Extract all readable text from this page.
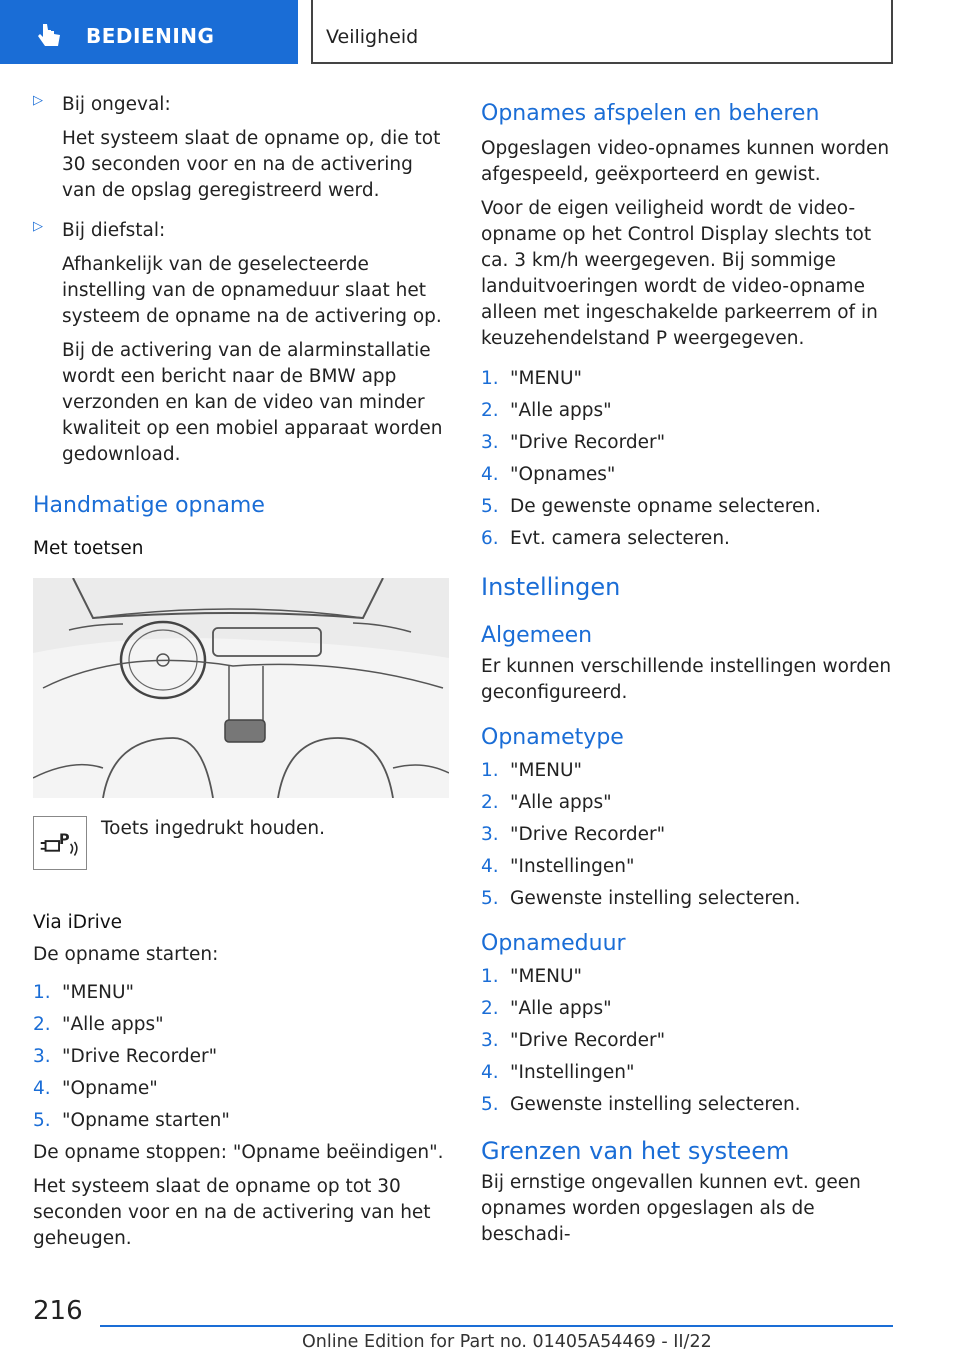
BEDIENING	Veiligheid
▷ Bij ongeval:

Het systeem slaat de opname op, die tot 30 seconden voor en na de activering van de opslag geregistreerd werd.

▷ Bij diefstal:

Afhankelijk van de geselecteerde instelling van de opnameduur slaat het systeem de opname na de activering op.

Bij de activering van de alarminstallatie wordt een bericht naar de BMW app verzonden en kan de video van minder kwaliteit op een mobiel apparaat worden gedownload.

Handmatige opname

Met toetsen

P

Toets ingedrukt houden.

Via iDrive

De opname starten:

1. "MENU"
2. "Alle apps"
3. "Drive Recorder"
4. "Opname"
5. "Opname starten"

De opname stoppen: "Opname beëindigen".

Het systeem slaat de opname op tot 30 seconden voor en na de activering van het geheugen.

Opnames afspelen en beheren

Opgeslagen video-opnames kunnen worden afgespeeld, geëxporteerd en gewist.

Voor de eigen veiligheid wordt de video-opname op het Control Display slechts tot ca. 3 km/h weergegeven. Bij sommige landuitvoeringen wordt de video-opname alleen met ingeschakelde parkeerrem of in keuzehendelstand P weergegeven.

1. "MENU"
2. "Alle apps"
3. "Drive Recorder"
4. "Opnames"
5. De gewenste opname selecteren.
6. Evt. camera selecteren.
Instellingen
Algemeen

Er kunnen verschillende instellingen worden geconfigureerd.

Opnametype
1. "MENU"
2. "Alle apps"
3. "Drive Recorder"
4. "Instellingen"
5. Gewenste instelling selecteren.
Opnameduur
1. "MENU"
2. "Alle apps"
3. "Drive Recorder"
4. "Instellingen"
5. Gewenste instelling selecteren.
Grenzen van het systeem

Bij ernstige ongevallen kunnen evt. geen opnames worden opgeslagen als de beschadi-

216
Online Edition for Part no. 01405A54469 - II/22
